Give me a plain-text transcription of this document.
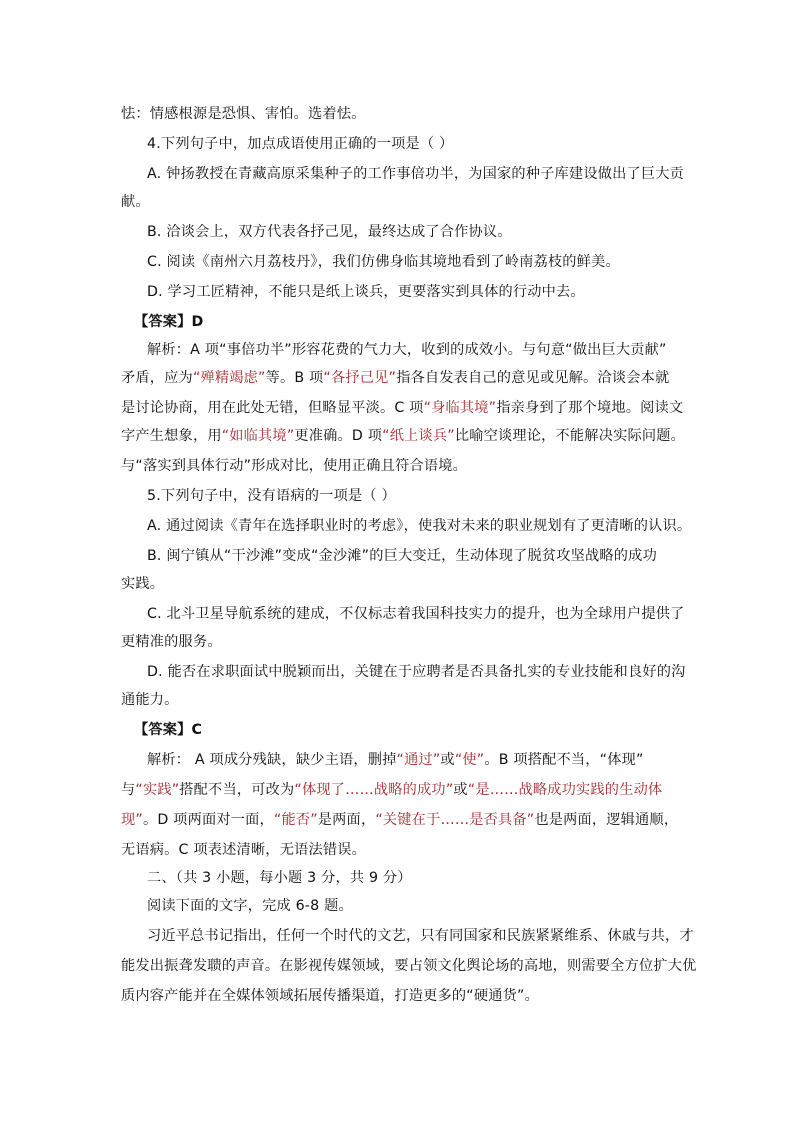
怯：情感根源是恐惧、害怕。选着怯。
4.下列句子中，加点成语使用正确的一项是（ ）
A. 钟扬教授在青藏高原采集种子的工作事倍功半，为国家的种子库建设做出了巨大贡
献。
B. 洽谈会上，双方代表各抒己见，最终达成了合作协议。
C. 阅读《南州六月荔枝丹》，我们仿佛身临其境地看到了岭南荔枝的鲜美。
D. 学习工匠精神，不能只是纸上谈兵，更要落实到具体的行动中去。
【答案】D
解析：A 项“事倍功半”形容花费的气力大，收到的成效小。与句意“做出巨大贡献”
矛盾，应为“殚精竭虑”等。B 项“各抒己见”指各自发表自己的意见或见解。洽谈会本就
是讨论协商，用在此处无错，但略显平淡。C 项“身临其境”指亲身到了那个境地。阅读文
字产生想象，用“如临其境”更准确。D 项“纸上谈兵”比喻空谈理论，不能解决实际问题。
与“落实到具体行动”形成对比，使用正确且符合语境。
5.下列句子中，没有语病的一项是（ ）
A. 通过阅读《青年在选择职业时的考虑》，使我对未来的职业规划有了更清晰的认识。
B. 闽宁镇从“干沙滩”变成“金沙滩”的巨大变迁，生动体现了脱贫攻坚战略的成功
实践。
C. 北斗卫星导航系统的建成，不仅标志着我国科技实力的提升，也为全球用户提供了
更精准的服务。
D. 能否在求职面试中脱颖而出，关键在于应聘者是否具备扎实的专业技能和良好的沟
通能力。
【答案】C
解析： A 项成分残缺，缺少主语，删掉“通过”或“使”。B 项搭配不当，“体现”
与“实践”搭配不当，可改为“体现了……战略的成功”或“是……战略成功实践的生动体
现”。D 项两面对一面，“能否”是两面，“关键在于……是否具备”也是两面，逻辑通顺，
无语病。C 项表述清晰，无语法错误。
二、（共 3 小题，每小题 3 分，共 9 分）
阅读下面的文字，完成 6-8 题。
习近平总书记指出，任何一个时代的文艺，只有同国家和民族紧紧维系、休戚与共，才
能发出振聋发聩的声音。在影视传媒领域，要占领文化舆论场的高地，则需要全方位扩大优
质内容产能并在全媒体领域拓展传播渠道，打造更多的“硬通货”。
